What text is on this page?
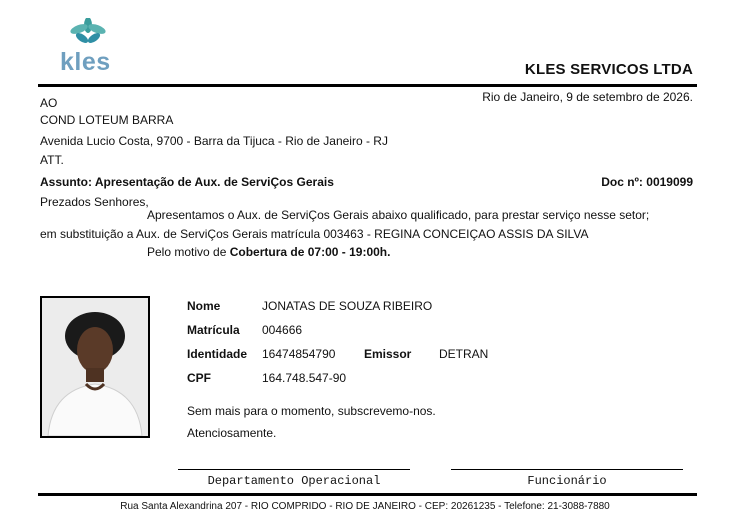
kles	KLES SERVICOS LTDA
Rio de Janeiro, 9 de setembro de 2026.
AO
COND LOTEUM BARRA
Avenida Lucio Costa, 9700 - Barra da Tijuca - Rio de Janeiro - RJ
ATT.
Assunto: Apresentação de Aux. de ServiÇos Gerais	Doc nº: 0019099
Prezados Senhores,
Apresentamos o Aux. de ServiÇos Gerais abaixo qualificado, para prestar serviço nesse setor;
em substituição a Aux. de ServiÇos Gerais matrícula 003463 - REGINA CONCEIÇAO ASSIS DA SILVA
Pelo motivo de Cobertura de 07:00 - 19:00h.
Nome	JONATAS DE SOUZA RIBEIRO
Matrícula 004666
Identidade 16474854790 Emissor DETRAN
CPF	164.748.547-90
Sem mais para o momento, subscrevemo-nos.
Atenciosamente.
Departamento Operacional	Funcionário
Rua Santa Alexandrina 207 - RIO COMPRIDO - RIO DE JANEIRO - CEP: 20261235 - Telefone: 21-3088-7880
